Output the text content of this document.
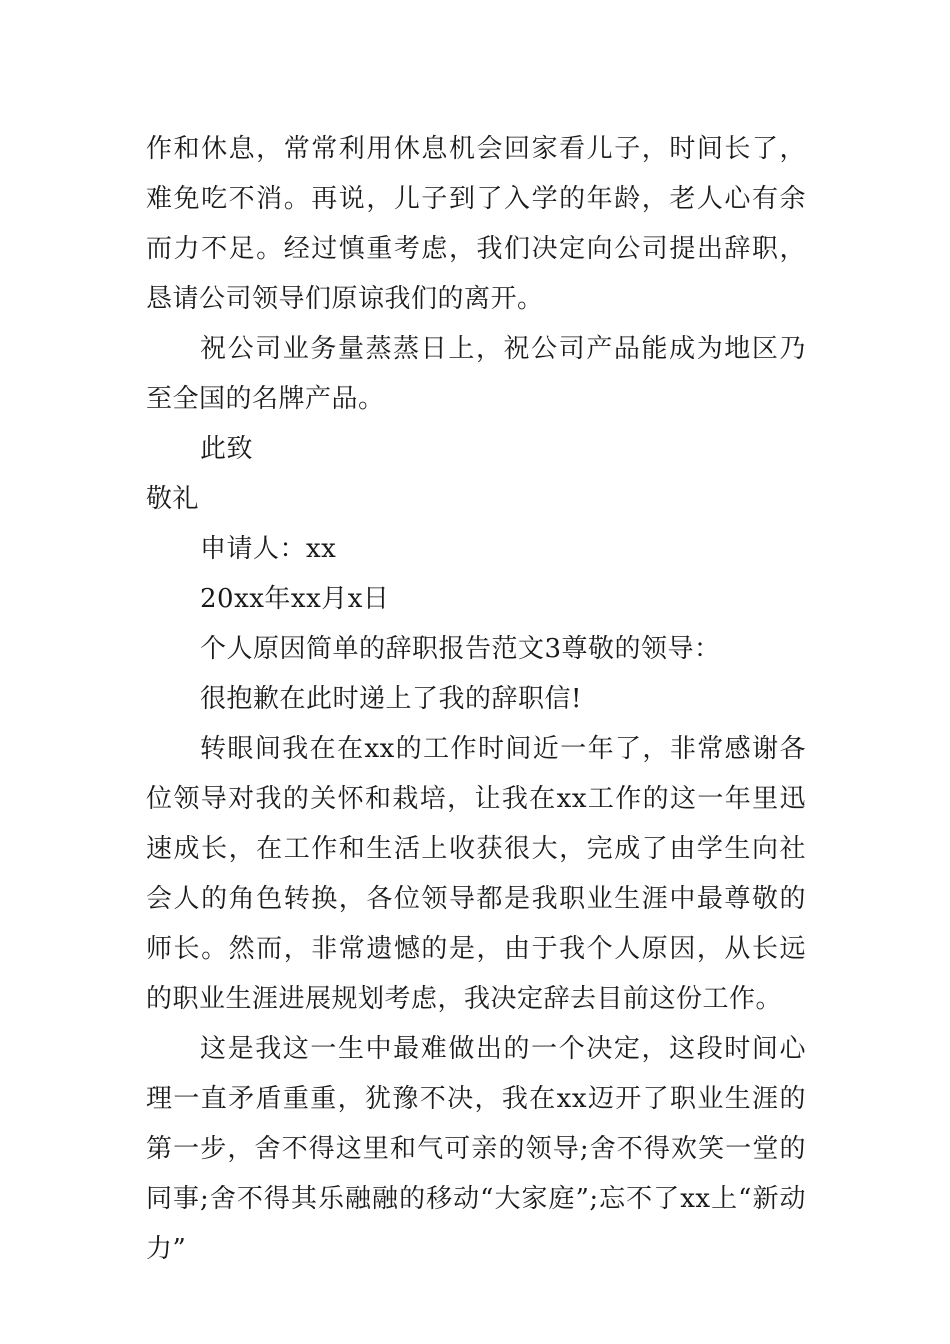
作和休息，常常利用休息机会回家看儿子，时间长了，难免吃不消。再说，儿子到了入学的年龄，老人心有余而力不足。经过慎重考虑，我们决定向公司提出辞职，恳请公司领导们原谅我们的离开。

祝公司业务量蒸蒸日上，祝公司产品能成为地区乃至全国的名牌产品。

此致

敬礼

申请人：xx

20xx年xx月x日

个人原因简单的辞职报告范文3尊敬的领导：

很抱歉在此时递上了我的辞职信!

转眼间我在在xx的工作时间近一年了，非常感谢各位领导对我的关怀和栽培，让我在xx工作的这一年里迅速成长，在工作和生活上收获很大，完成了由学生向社会人的角色转换，各位领导都是我职业生涯中最尊敬的师长。然而，非常遗憾的是，由于我个人原因，从长远的职业生涯进展规划考虑，我决定辞去目前这份工作。

这是我这一生中最难做出的一个决定，这段时间心理一直矛盾重重，犹豫不决，我在xx迈开了职业生涯的第一步，舍不得这里和气可亲的领导;舍不得欢笑一堂的同事;舍不得其乐融融的移动“大家庭”;忘不了xx上“新动力”
